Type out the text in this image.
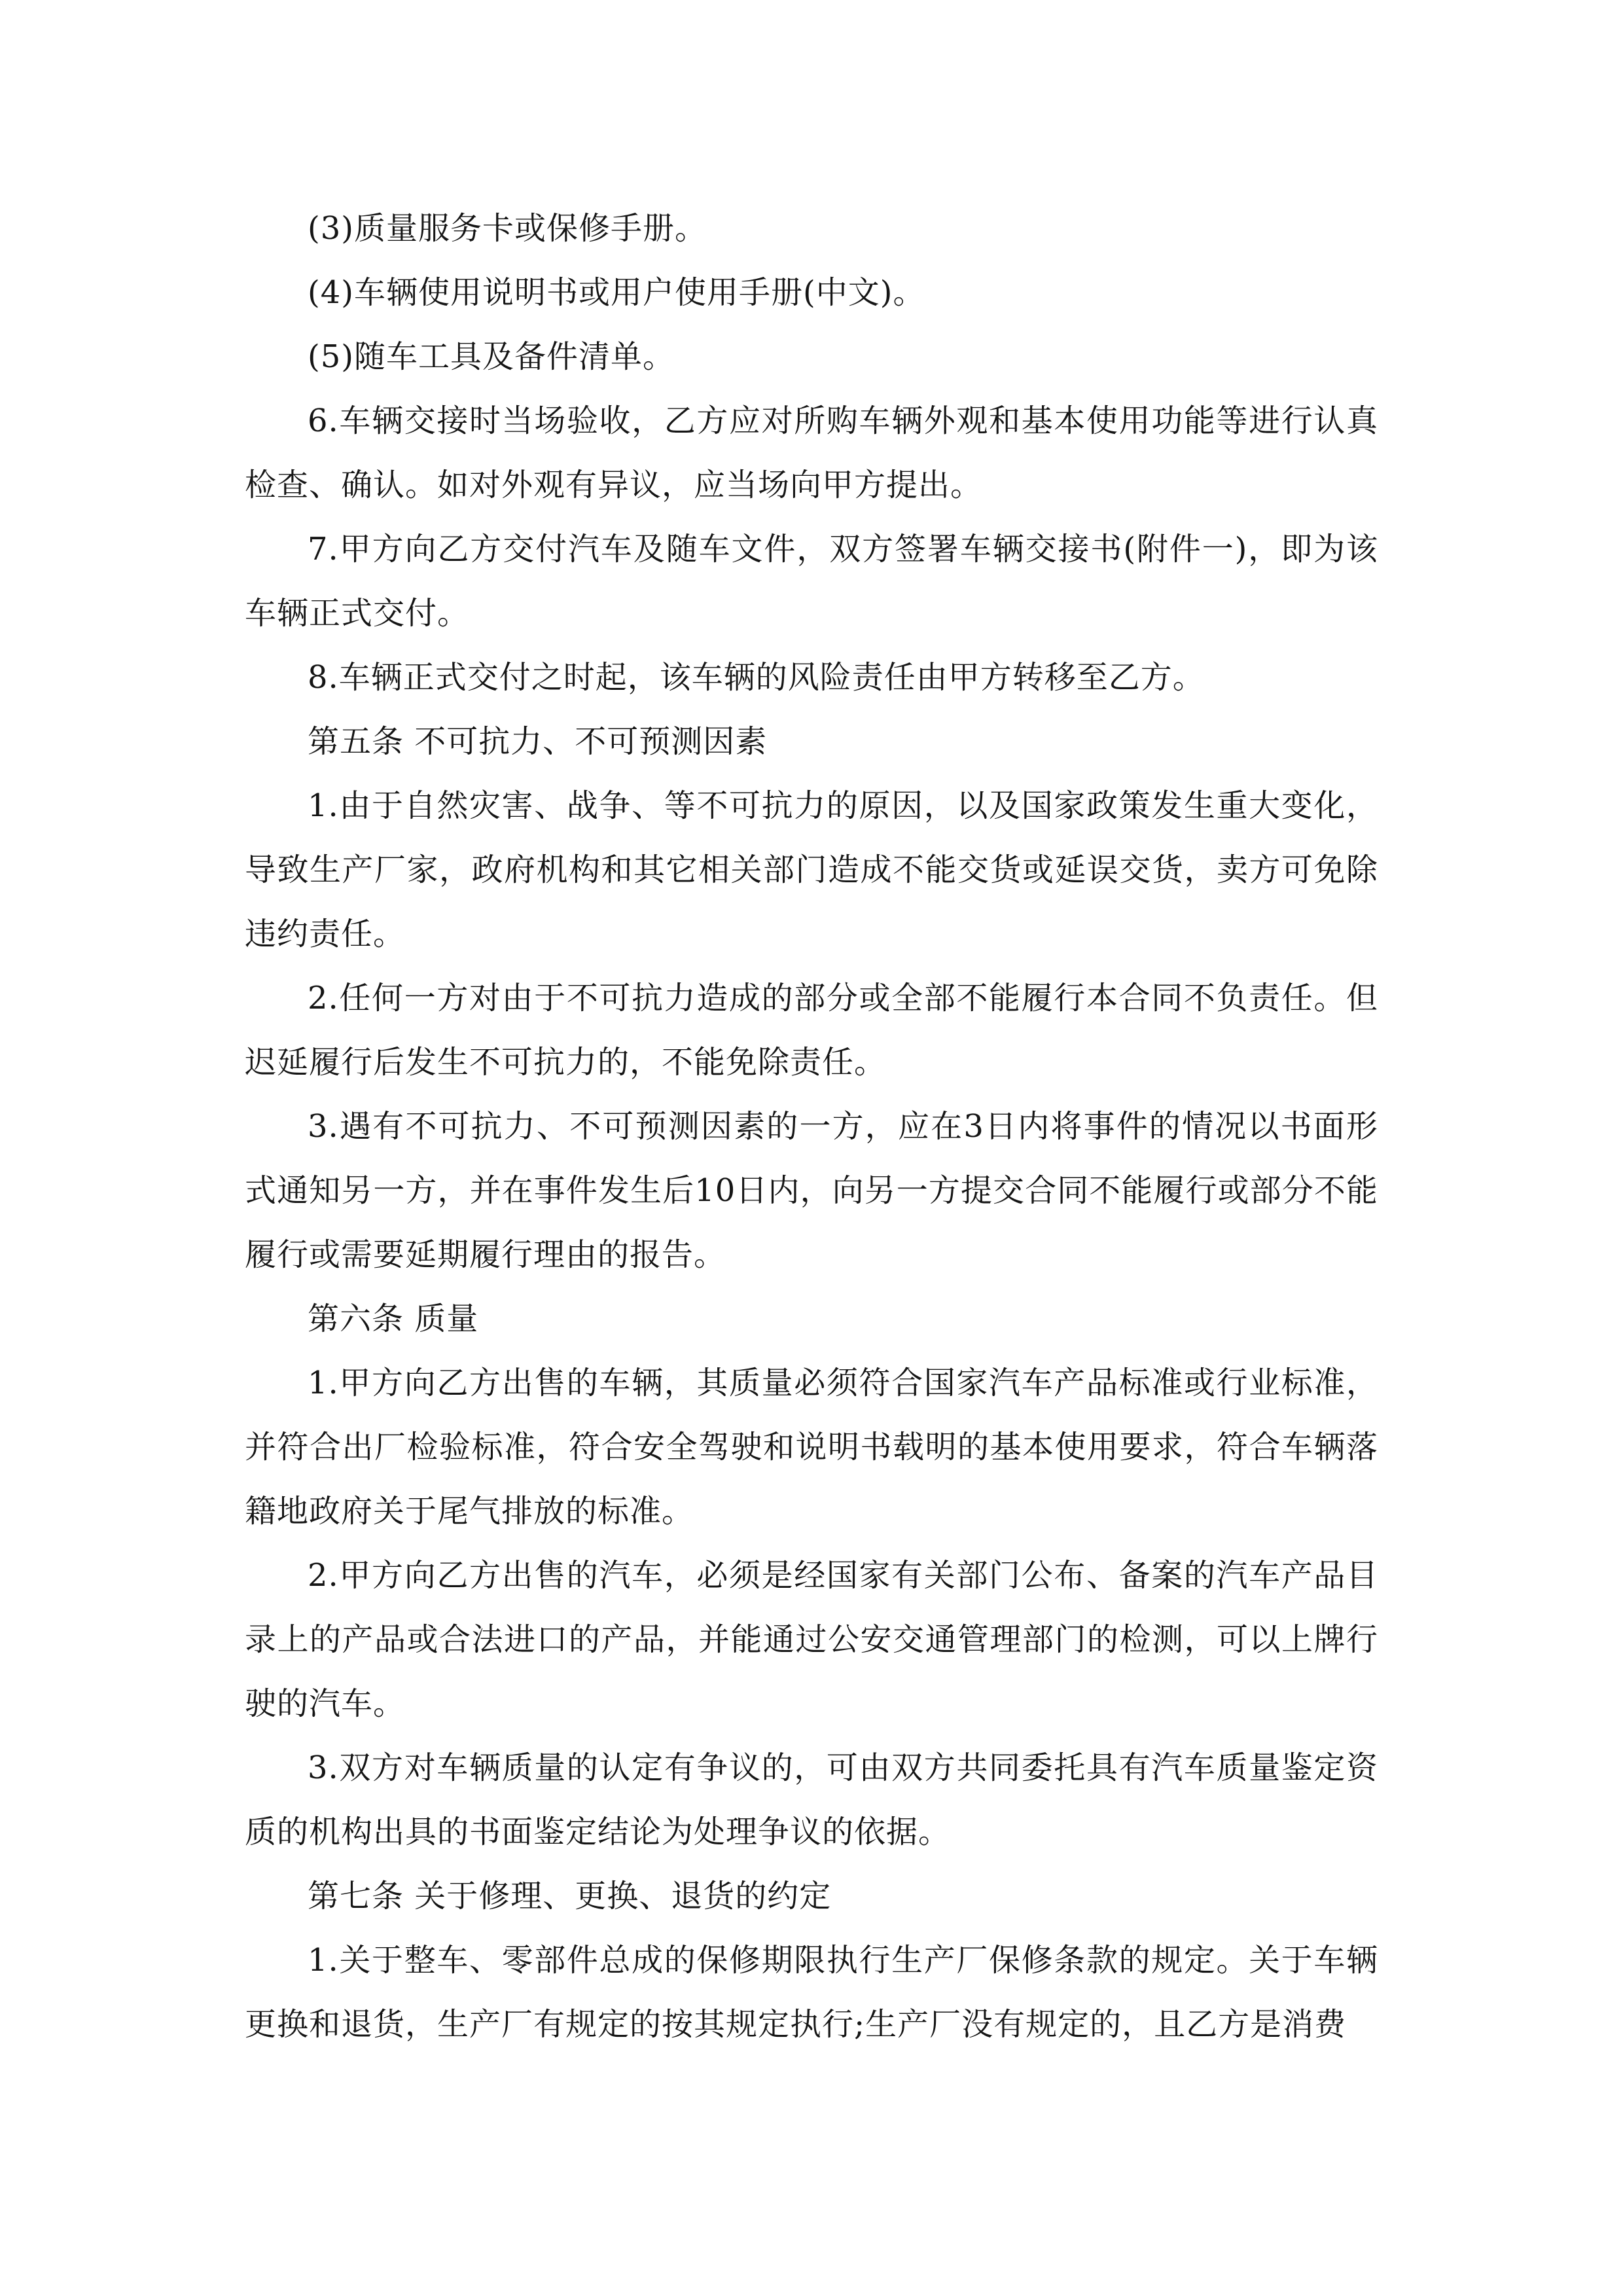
(3)质量服务卡或保修手册。

(4)车辆使用说明书或用户使用手册(中文)。

(5)随车工具及备件清单。

6.车辆交接时当场验收，乙方应对所购车辆外观和基本使用功能等进行认真检查、确认。如对外观有异议，应当场向甲方提出。

7.甲方向乙方交付汽车及随车文件，双方签署车辆交接书(附件一)，即为该车辆正式交付。

8.车辆正式交付之时起，该车辆的风险责任由甲方转移至乙方。

第五条 不可抗力、不可预测因素

1.由于自然灾害、战争、等不可抗力的原因，以及国家政策发生重大变化，导致生产厂家，政府机构和其它相关部门造成不能交货或延误交货，卖方可免除违约责任。

2.任何一方对由于不可抗力造成的部分或全部不能履行本合同不负责任。但迟延履行后发生不可抗力的，不能免除责任。

3.遇有不可抗力、不可预测因素的一方，应在3日内将事件的情况以书面形式通知另一方，并在事件发生后10日内，向另一方提交合同不能履行或部分不能履行或需要延期履行理由的报告。

第六条 质量

1.甲方向乙方出售的车辆，其质量必须符合国家汽车产品标准或行业标准，并符合出厂检验标准，符合安全驾驶和说明书载明的基本使用要求，符合车辆落籍地政府关于尾气排放的标准。

2.甲方向乙方出售的汽车，必须是经国家有关部门公布、备案的汽车产品目录上的产品或合法进口的产品，并能通过公安交通管理部门的检测，可以上牌行驶的汽车。

3.双方对车辆质量的认定有争议的，可由双方共同委托具有汽车质量鉴定资质的机构出具的书面鉴定结论为处理争议的依据。

第七条 关于修理、更换、退货的约定

1.关于整车、零部件总成的保修期限执行生产厂保修条款的规定。关于车辆更换和退货，生产厂有规定的按其规定执行;生产厂没有规定的，且乙方是消费
